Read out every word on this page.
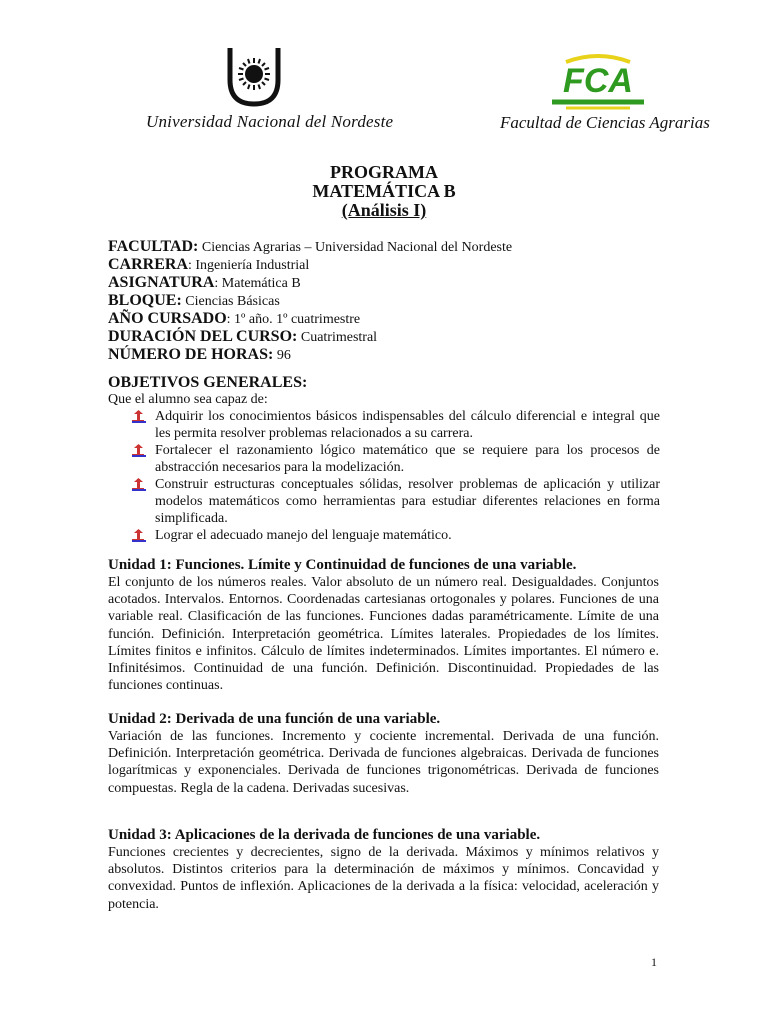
Universidad Nacional del Nordeste
FCA
Facultad de Ciencias Agrarias
PROGRAMA
MATEMÁTICA B
(Análisis I)
FACULTAD: Ciencias Agrarias – Universidad Nacional del Nordeste
CARRERA: Ingeniería Industrial
ASIGNATURA: Matemática B
BLOQUE: Ciencias Básicas
AÑO CURSADO: 1º año. 1º cuatrimestre
DURACIÓN DEL CURSO: Cuatrimestral
NÚMERO DE HORAS: 96
OBJETIVOS GENERALES:
Que el alumno sea capaz de:
Adquirir los conocimientos básicos indispensables del cálculo diferencial e integral que les permita resolver problemas relacionados a su carrera.
Fortalecer el razonamiento lógico matemático que se requiere para los procesos de abstracción necesarios para la modelización.
Construir estructuras conceptuales sólidas, resolver problemas de aplicación y utilizar modelos matemáticos como herramientas para estudiar diferentes relaciones en forma simplificada.
Lograr el adecuado manejo del lenguaje matemático.
Unidad 1: Funciones. Límite y Continuidad de funciones de una variable.
El conjunto de los números reales. Valor absoluto de un número real. Desigualdades. Conjuntos acotados. Intervalos. Entornos. Coordenadas cartesianas ortogonales y polares. Funciones de una variable real. Clasificación de las funciones. Funciones dadas paramétricamente. Límite de una función. Definición. Interpretación geométrica. Límites laterales. Propiedades de los límites. Límites finitos e infinitos. Cálculo de límites indeterminados. Límites importantes. El número e. Infinitésimos. Continuidad de una función. Definición. Discontinuidad. Propiedades de las funciones continuas.
Unidad 2: Derivada de una función de una variable.
Variación de las funciones. Incremento y cociente incremental. Derivada de una función. Definición. Interpretación geométrica. Derivada de funciones algebraicas. Derivada de funciones logarítmicas y exponenciales. Derivada de funciones trigonométricas. Derivada de funciones compuestas. Regla de la cadena. Derivadas sucesivas.
Unidad 3: Aplicaciones de la derivada de funciones de una variable.
Funciones crecientes y decrecientes, signo de la derivada. Máximos y mínimos relativos y absolutos. Distintos criterios para la determinación de máximos y mínimos. Concavidad y convexidad. Puntos de inflexión. Aplicaciones de la derivada a la física: velocidad, aceleración y potencia.
1
